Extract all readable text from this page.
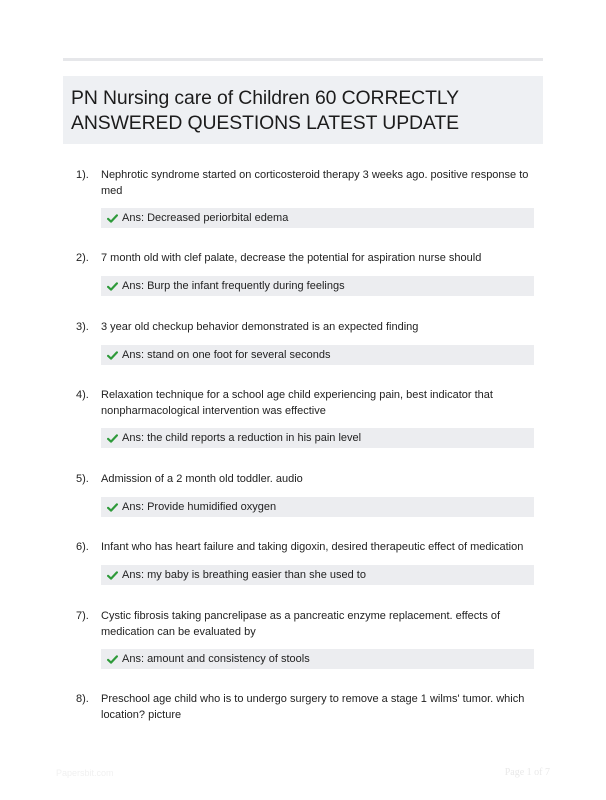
PN Nursing care of Children 60 CORRECTLY ANSWERED QUESTIONS LATEST UPDATE
1). Nephrotic syndrome started on corticosteroid therapy 3 weeks ago. positive response to med
Ans: Decreased periorbital edema
2). 7 month old with clef palate, decrease the potential for aspiration nurse should
Ans: Burp the infant frequently during feelings
3). 3 year old checkup behavior demonstrated is an expected finding
Ans: stand on one foot for several seconds
4). Relaxation technique for a school age child experiencing pain, best indicator that nonpharmacological intervention was effective
Ans: the child reports a reduction in his pain level
5). Admission of a 2 month old toddler. audio
Ans: Provide humidified oxygen
6). Infant who has heart failure and taking digoxin, desired therapeutic effect of medication
Ans: my baby is breathing easier than she used to
7). Cystic fibrosis taking pancrelipase as a pancreatic enzyme replacement. effects of medication can be evaluated by
Ans: amount and consistency of stools
8). Preschool age child who is to undergo surgery to remove a stage 1 wilms' tumor. which location? picture
Papersbit.com	Page 1 of 7
